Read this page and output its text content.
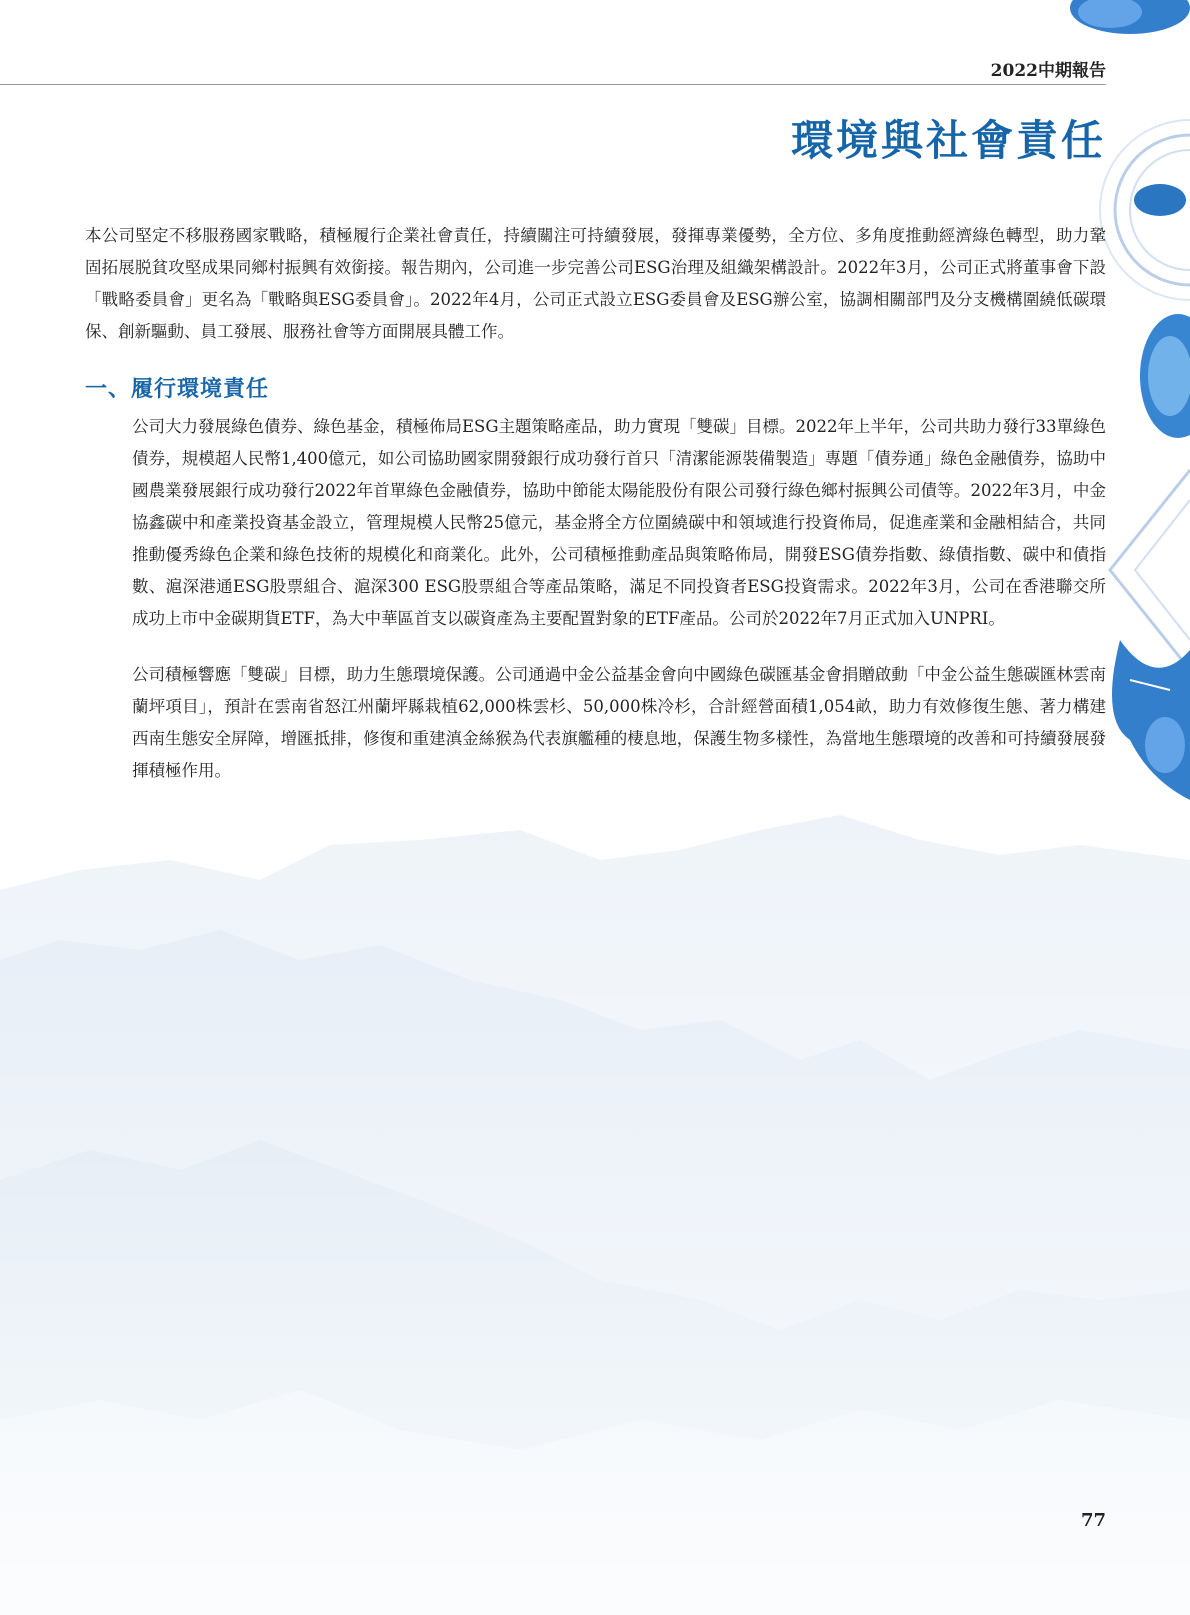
2022中期報告
環境與社會責任

本公司堅定不移服務國家戰略，積極履行企業社會責任，持續關注可持續發展，發揮專業優勢，全方位、多角度推動經濟綠色轉型，助力鞏固拓展脱貧攻堅成果同鄉村振興有效銜接。報告期內，公司進一步完善公司ESG治理及組織架構設計。2022年3月，公司正式將董事會下設「戰略委員會」更名為「戰略與ESG委員會」。2022年4月，公司正式設立ESG委員會及ESG辦公室，協調相關部門及分支機構圍繞低碳環保、創新驅動、員工發展、服務社會等方面開展具體工作。

一、履行環境責任

公司大力發展綠色債券、綠色基金，積極佈局ESG主題策略產品，助力實現「雙碳」目標。2022年上半年，公司共助力發行33單綠色債券，規模超人民幣1,400億元，如公司協助國家開發銀行成功發行首只「清潔能源裝備製造」專題「債券通」綠色金融債券，協助中國農業發展銀行成功發行2022年首單綠色金融債券，協助中節能太陽能股份有限公司發行綠色鄉村振興公司債等。2022年3月，中金協鑫碳中和產業投資基金設立，管理規模人民幣25億元，基金將全方位圍繞碳中和領域進行投資佈局，促進產業和金融相結合，共同推動優秀綠色企業和綠色技術的規模化和商業化。此外，公司積極推動產品與策略佈局，開發ESG債券指數、綠債指數、碳中和債指數、滬深港通ESG股票組合、滬深300 ESG股票組合等產品策略，滿足不同投資者ESG投資需求。2022年3月，公司在香港聯交所成功上市中金碳期貨ETF，為大中華區首支以碳資產為主要配置對象的ETF產品。公司於2022年7月正式加入UNPRI。

公司積極響應「雙碳」目標，助力生態環境保護。公司通過中金公益基金會向中國綠色碳匯基金會捐贈啟動「中金公益生態碳匯林雲南蘭坪項目」，預計在雲南省怒江州蘭坪縣栽植62,000株雲杉、50,000株冷杉，合計經營面積1,054畝，助力有效修復生態、著力構建西南生態安全屏障，增匯抵排，修復和重建滇金絲猴為代表旗艦種的棲息地，保護生物多樣性，為當地生態環境的改善和可持續發展發揮積極作用。

77
